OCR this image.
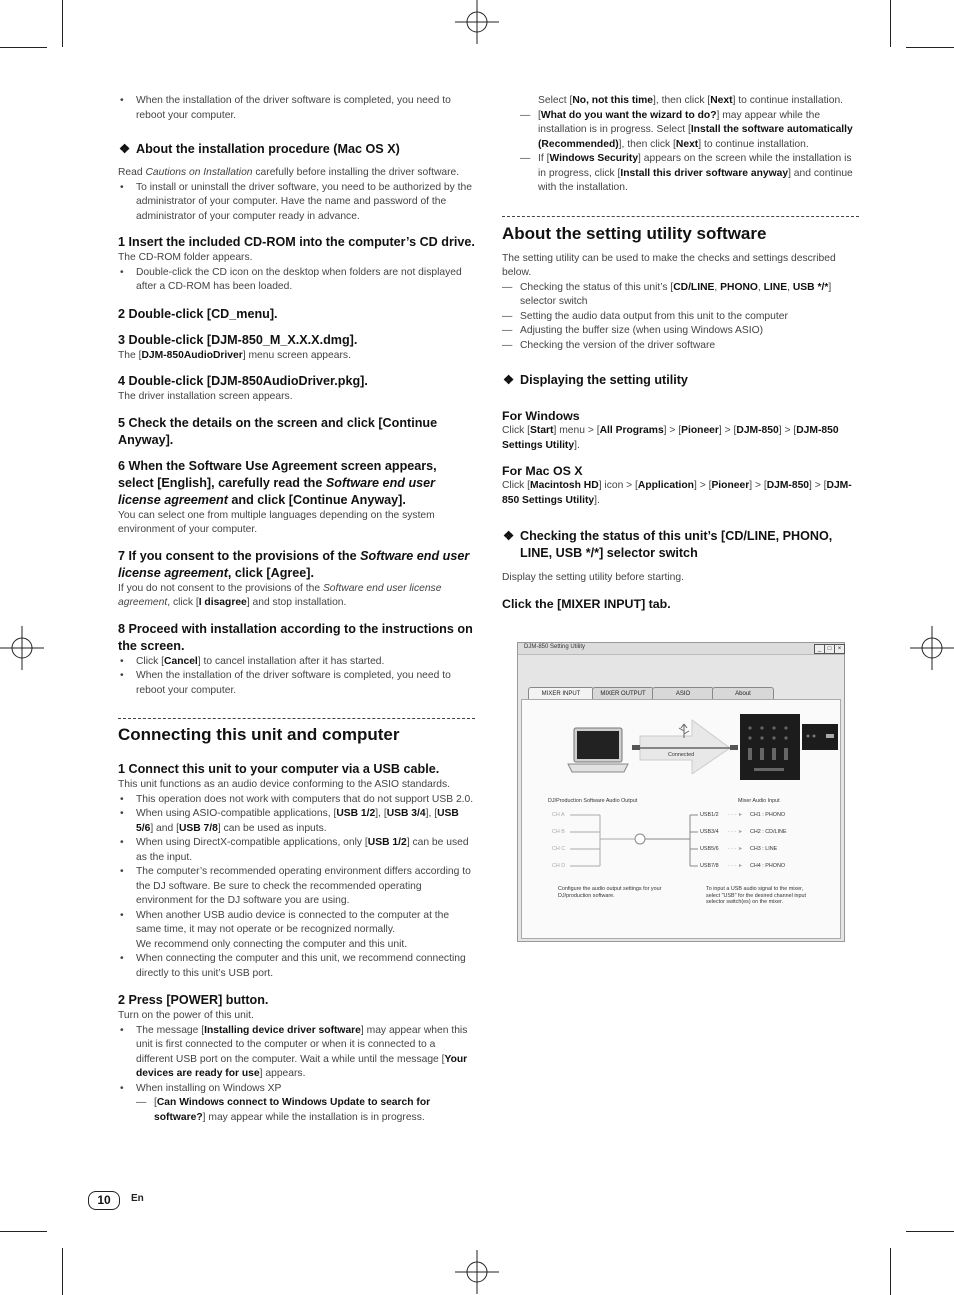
• When the installation of the driver software is completed, you need to reboot your computer.

❖ About the installation procedure (Mac OS X)

Read Cautions on Installation carefully before installing the driver software.

• To install or uninstall the driver software, you need to be authorized by the administrator of your computer. Have the name and password of the administrator of your computer ready in advance.

1 Insert the included CD-ROM into the computer’s CD drive.

The CD-ROM folder appears.

• Double-click the CD icon on the desktop when folders are not displayed after a CD-ROM has been loaded.

2 Double-click [CD_menu].

3 Double-click [DJM-850_M_X.X.X.dmg].

The [DJM-850AudioDriver] menu screen appears.

4 Double-click [DJM-850AudioDriver.pkg].

The driver installation screen appears.

5 Check the details on the screen and click [Continue Anyway].

6 When the Software Use Agreement screen appears, select [English], carefully read the Software end user license agreement and click [Continue Anyway].

You can select one from multiple languages depending on the system environment of your computer.

7 If you consent to the provisions of the Software end user license agreement, click [Agree].

If you do not consent to the provisions of the Software end user license agreement, click [I disagree] and stop installation.

8 Proceed with installation according to the instructions on the screen.

• Click [Cancel] to cancel installation after it has started.

• When the installation of the driver software is completed, you need to reboot your computer.

Connecting this unit and computer

1 Connect this unit to your computer via a USB cable.

This unit functions as an audio device conforming to the ASIO standards.

• This operation does not work with computers that do not support USB 2.0.

• When using ASIO-compatible applications, [USB 1/2], [USB 3/4], [USB 5/6] and [USB 7/8] can be used as inputs.

• When using DirectX-compatible applications, only [USB 1/2] can be used as the input.

• The computer’s recommended operating environment differs according to the DJ software. Be sure to check the recommended operating environment for the DJ software you are using.

• When another USB audio device is connected to the computer at the same time, it may not operate or be recognized normally.
We recommend only connecting the computer and this unit.

• When connecting the computer and this unit, we recommend connecting directly to this unit’s USB port.

2 Press [POWER] button.

Turn on the power of this unit.

• The message [Installing device driver software] may appear when this unit is first connected to the computer or when it is connected to a different USB port on the computer. Wait a while until the message [Your devices are ready for use] appears.

• When installing on Windows XP

— [Can Windows connect to Windows Update to search for software?] may appear while the installation is in progress.

Select [No, not this time], then click [Next] to continue installation.

— [What do you want the wizard to do?] may appear while the installation is in progress. Select [Install the software automatically (Recommended)], then click [Next] to continue installation.

— If [Windows Security] appears on the screen while the installation is in progress, click [Install this driver software anyway] and continue with the installation.

About the setting utility software

The setting utility can be used to make the checks and settings described below.

— Checking the status of this unit’s [CD/LINE, PHONO, LINE, USB */*] selector switch

— Setting the audio data output from this unit to the computer

— Adjusting the buffer size (when using Windows ASIO)

— Checking the version of the driver software

❖ Displaying the setting utility

For Windows

Click [Start] menu > [All Programs] > [Pioneer] > [DJM-850] > [DJM-850 Settings Utility].

For Mac OS X

Click [Macintosh HD] icon > [Application] > [Pioneer] > [DJM-850] > [DJM-850 Settings Utility].

❖ Checking the status of this unit’s [CD/LINE, PHONO, LINE, USB */*] selector switch

Display the setting utility before starting.

Click the [MIXER INPUT] tab.

DJM-850 Setting Utility	_	□	×
MIXER INPUT	MIXER OUTPUT	ASIO	About
Connected
DJ/Production Software Audio Output	Mixer Audio Input
CH A
CH B
CH C
CH D
USB1/2
USB3/4
USB5/6
USB7/8
- - - ►
- - - ►
- - - ►
- - - ►
CH1 : PHONO
CH2 : CD/LINE
CH3 : LINE
CH4 : PHONO
Configure the audio output settings for your DJ/production software.
To input a USB audio signal to the mixer, select "USB" for the desired channel input selector switch(es) on the mixer.
10	En
